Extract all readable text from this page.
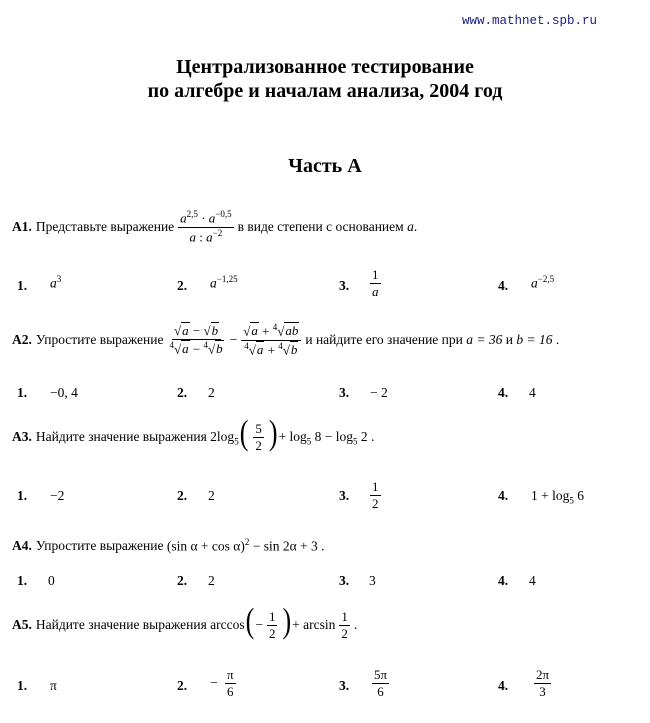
www.mathnet.spb.ru
Централизованное тестирование
по алгебре и началам анализа, 2004 год
Часть А
A1. Представьте выражение $\frac{a^{2,5} \cdot a^{-0,5}}{a : a^{-2}}$ в виде степени с основанием
a .
1. $a^3$	2. $a^{-1,25}$	3. $\frac{1}{a}$	4. $a^{-2,5}$
A2. Упростите выражение $\frac{√a - √b}{^4√a - ^4√b} - \frac{√a + ^4√ab}{^4√a + ^4√b}$ и найдите его значение при
a = 36
и
b = 16 .
1. −0, 4	2. 2	3. − 2	4. 4
A3. Найдите значение выражения
$2\log_5( \frac{5}{2}$ )+ $\log_5 8 - \log_5 2$ .
1. −2	2. 2	3. $\frac{1}{2}$	4. $1 + \log_5 6$
A4. Упростите выражение
(sin α + cos α)$^2$ − sin 2α + 3 .
1. 0	2. 2	3. 3	4. 4
A5. Найдите значение выражения
$\arccos(- \frac{1}{2}$ )+ $\arcsin \frac{1}{2}$ .
1. π	2. − $\frac{\pi}{6}$	3. $\frac{5\pi}{6}$	4. $\frac{2\pi}{3}$
